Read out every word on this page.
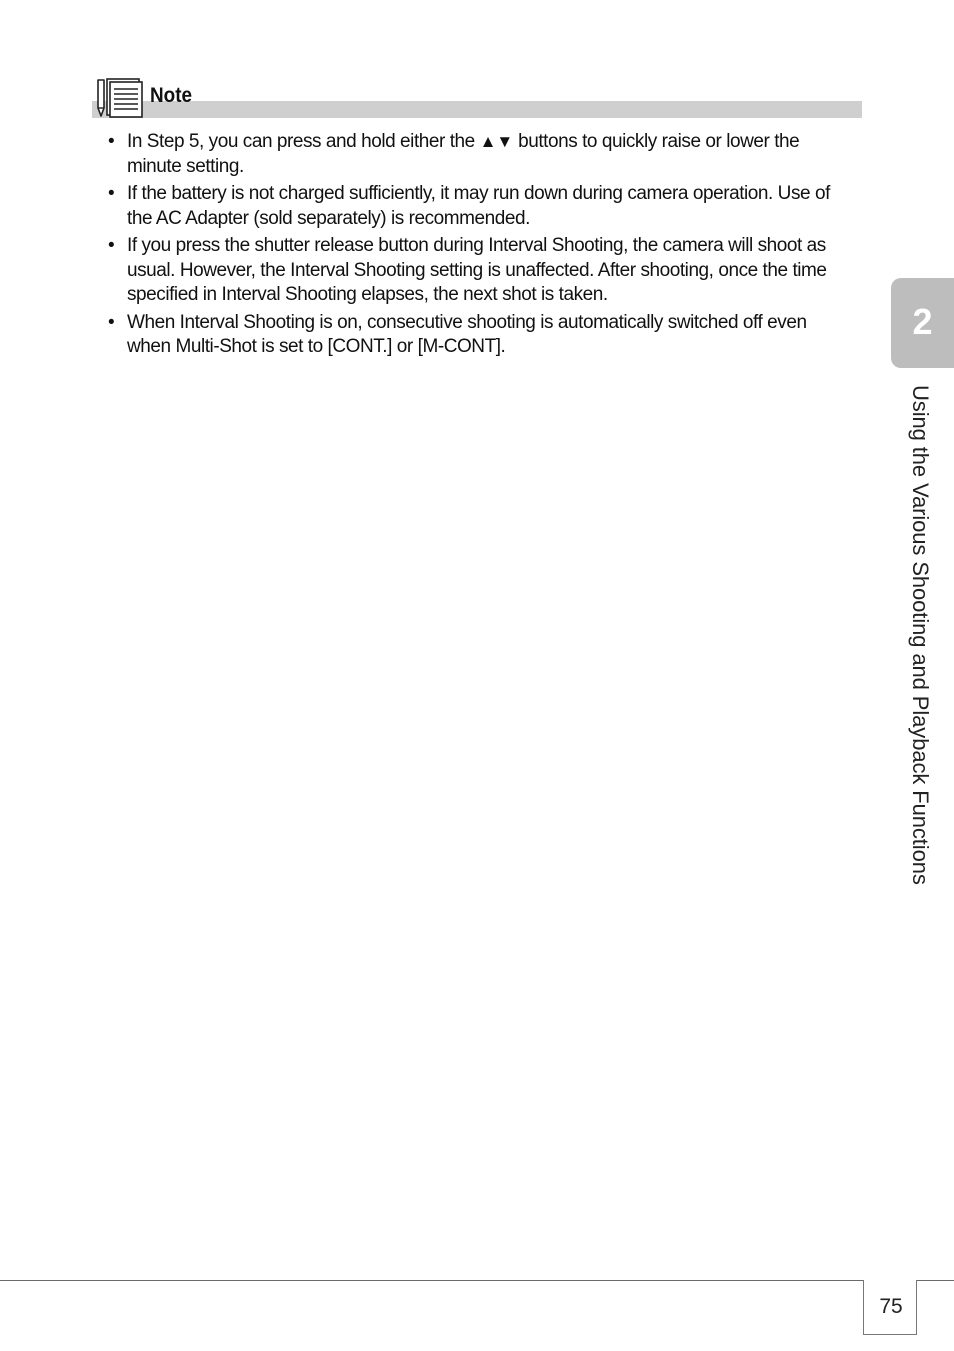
Note
• In Step 5, you can press and hold either the ▲▼ buttons to quickly raise or lower the minute setting.
• If the battery is not charged sufficiently, it may run down during camera operation. Use of the AC Adapter (sold separately) is recommended.
• If you press the shutter release button during Interval Shooting, the camera will shoot as usual. However, the Interval Shooting setting is unaffected. After shooting, once the time specified in Interval Shooting elapses, the next shot is taken.
• When Interval Shooting is on, consecutive shooting is automatically switched off even when Multi-Shot is set to [CONT.] or [M-CONT].
2
Using the Various Shooting and Playback Functions
75
